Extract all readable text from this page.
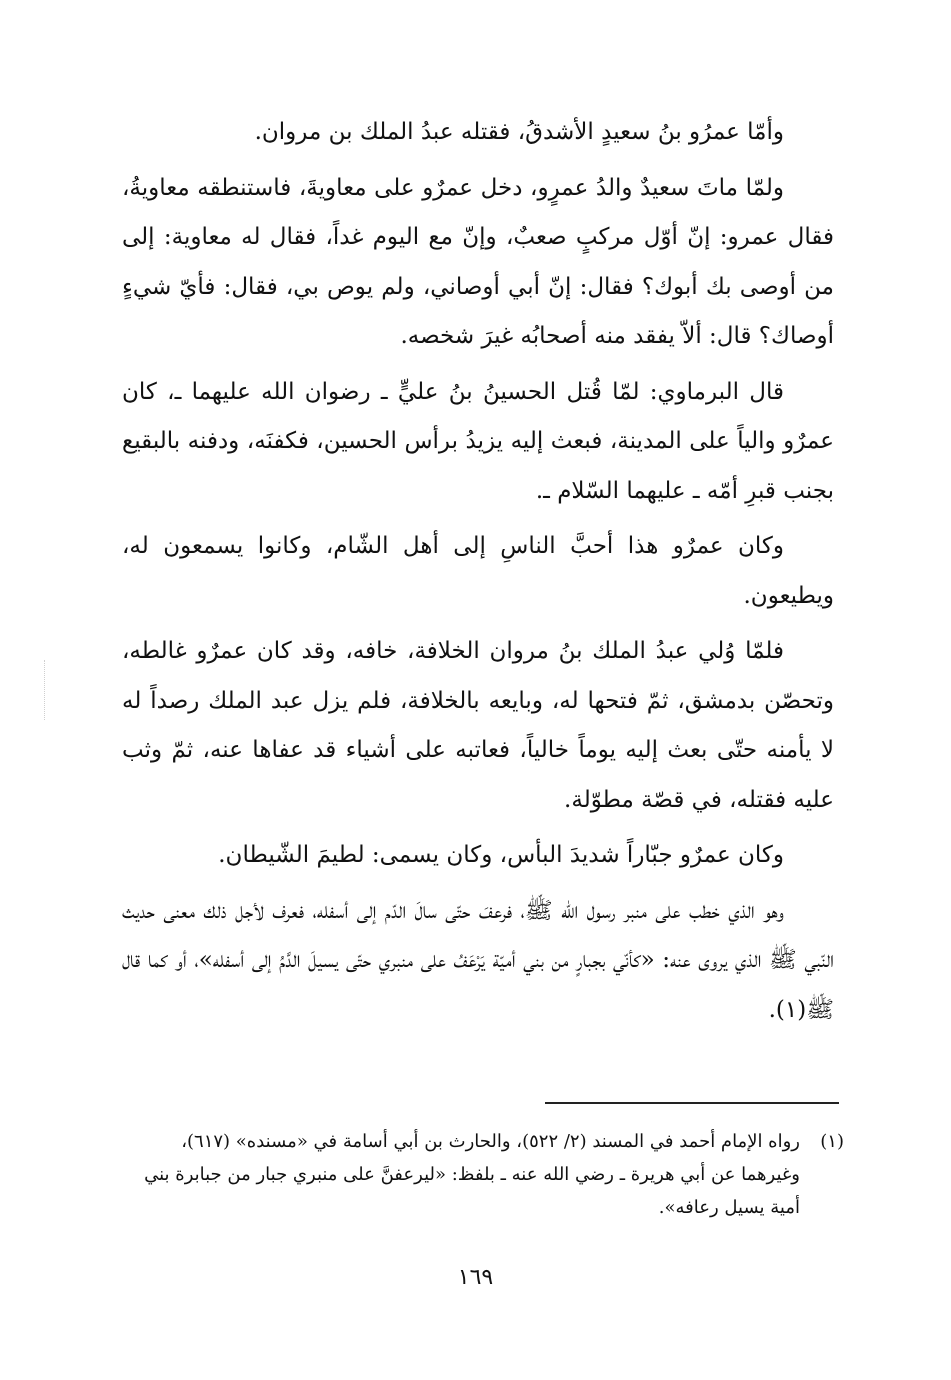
وأمّا عمرُو بنُ سعيدٍ الأشدقُ، فقتله عبدُ الملك بن مروان.

ولمّا ماتَ سعيدٌ والدُ عمرٍو، دخل عمرٌو على معاويةَ، فاستنطقه معاويةُ، فقال عمرو: إنّ أوّل مركبٍ صعبٌ، وإنّ مع اليوم غداً، فقال له معاوية: إلى من أوصى بك أبوك؟ فقال: إنّ أبي أوصاني، ولم يوص بي، فقال: فأيّ شيءٍ أوصاك؟ قال: ألاّ يفقد منه أصحابُه غيرَ شخصه.

قال البرماوي: لمّا قُتل الحسينُ بنُ عليٍّ ـ رضوان الله عليهما ـ، كان عمرٌو والياً على المدينة، فبعث إليه يزيدُ برأس الحسين، فكفنَه، ودفنه بالبقيع بجنب قبرِ أمّه ـ عليهما السّلام ـ.

وكان عمرٌو هذا أحبَّ الناسِ إلى أهل الشّام، وكانوا يسمعون له، ويطيعون.

فلمّا وُلي عبدُ الملك بنُ مروان الخلافة، خافه، وقد كان عمرٌو غالطه، وتحصّن بدمشق، ثمّ فتحها له، وبايعه بالخلافة، فلم يزل عبد الملك رصداً له لا يأمنه حتّى بعث إليه يوماً خالياً، فعاتبه على أشياء قد عفاها عنه، ثمّ وثب عليه فقتله، في قصّة مطوّلة.

وكان عمرٌو جبّاراً شديدَ البأس، وكان يسمى: لطيمَ الشّيطان.

وهو الذي خطب على منبر رسول الله ﷺ، فرعفَ حتّى سالَ الدّم إلى أسفله، فعرف لأجل ذلك معنى حديث النّبي ﷺ الذي يروى عنه: «كأنّي بجبارٍ من بني أميّة يَرْعَفُ على منبري حتّى يسيلَ الدَّمُ إلى أسفله»، أو كما قال ﷺ(١).

(١)
رواه الإمام أحمد في المسند (٢/ ٥٢٢)، والحارث بن أبي أسامة في «مسنده» (٦١٧)، وغيرهما عن أبي هريرة ـ رضي الله عنه ـ بلفظ: «ليرعفنَّ على منبري جبار من جبابرة بني أمية يسيل رعافه».
١٦٩
